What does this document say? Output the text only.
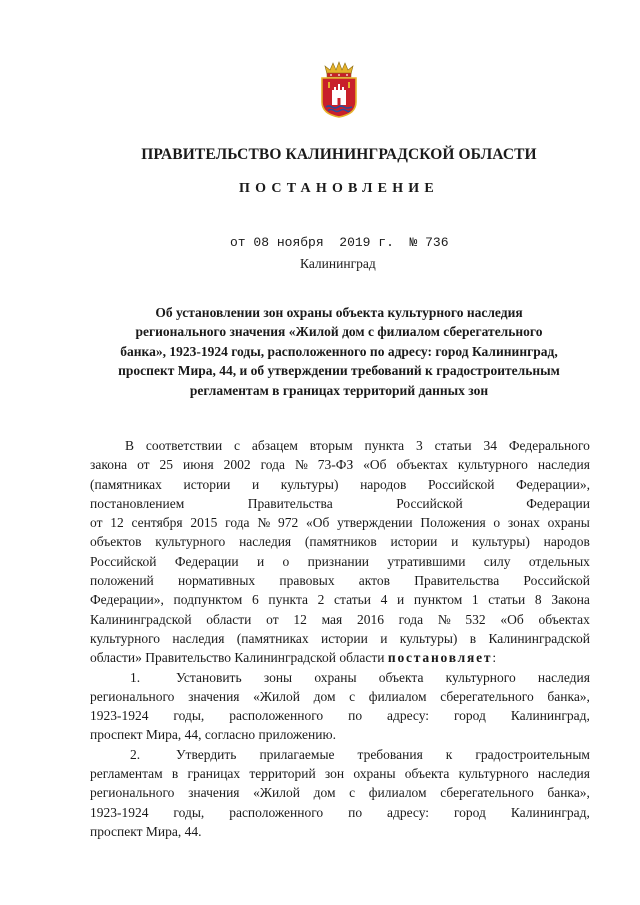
ПРАВИТЕЛЬСТВО КАЛИНИНГРАДСКОЙ ОБЛАСТИ
ПОСТАНОВЛЕНИЕ
от 08 ноября 2019 г. № 736
Калининград
Об установлении зон охраны объекта культурного наследия
регионального значения «Жилой дом с филиалом сберегательного
банка», 1923-1924 годы, расположенного по адресу: город Калининград,
проспект Мира, 44, и об утверждении требований к градостроительным
регламентам в границах территорий данных зон
В соответствии с абзацем вторым пункта 3 статьи 34 Федерального
закона от 25 июня 2002 года № 73-ФЗ «Об объектах культурного наследия
(памятниках истории и культуры) народов Российской Федерации»,
постановлением	Правительства	Российской	Федерации
от 12 сентября 2015 года № 972 «Об утверждении Положения о зонах охраны
объектов культурного наследия (памятников истории и культуры) народов
Российской Федерации и о признании утратившими силу отдельных
положений нормативных правовых актов Правительства Российской
Федерации», подпунктом 6 пункта 2 статьи 4 и пунктом 1 статьи 8 Закона
Калининградской области от 12 мая 2016 года № 532 «Об объектах
культурного наследия (памятниках истории и культуры) в Калининградской
области» Правительство Калининградской области
постановляет :
1.	Установить зоны охраны объекта культурного наследия
регионального значения «Жилой дом с филиалом сберегательного банка»,
1923-1924 годы, расположенного по адресу: город Калининград,
проспект Мира, 44, согласно приложению.
2.	Утвердить прилагаемые требования к градостроительным
регламентам в границах территорий зон охраны объекта культурного наследия
регионального значения «Жилой дом с филиалом сберегательного банка»,
1923-1924 годы, расположенного по адресу: город Калининград,
проспект Мира, 44.
